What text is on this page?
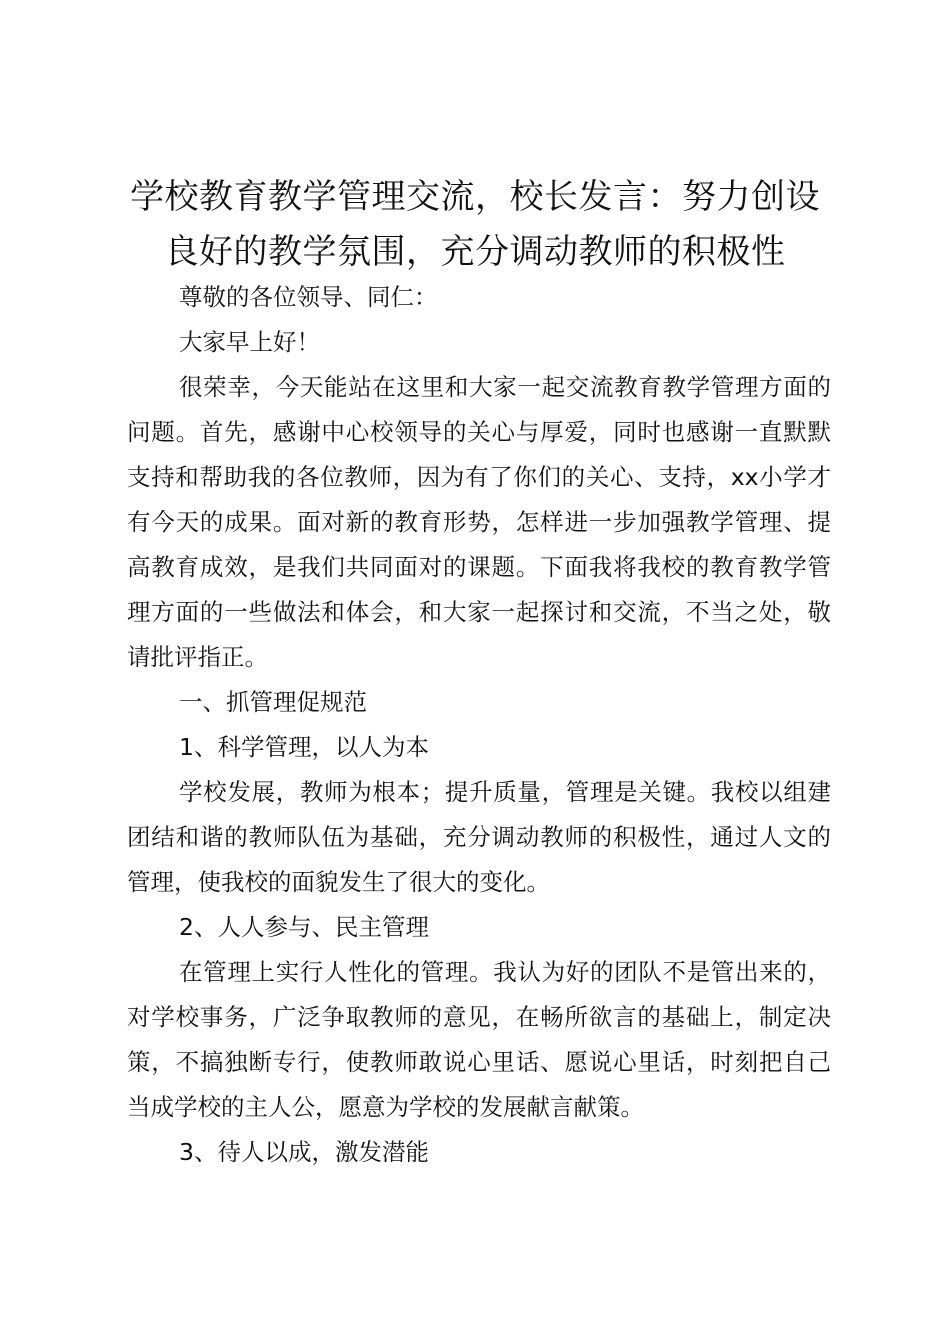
学校教育教学管理交流，校长发言：努力创设良好的教学氛围，充分调动教师的积极性

尊敬的各位领导、同仁：

大家早上好！

很荣幸，今天能站在这里和大家一起交流教育教学管理方面的问题。首先，感谢中心校领导的关心与厚爱，同时也感谢一直默默支持和帮助我的各位教师，因为有了你们的关心、支持，xx小学才有今天的成果。面对新的教育形势，怎样进一步加强教学管理、提高教育成效，是我们共同面对的课题。下面我将我校的教育教学管理方面的一些做法和体会，和大家一起探讨和交流，不当之处，敬请批评指正。

一、抓管理促规范

1、科学管理，以人为本

学校发展，教师为根本；提升质量，管理是关键。我校以组建团结和谐的教师队伍为基础，充分调动教师的积极性，通过人文的管理，使我校的面貌发生了很大的变化。

2、人人参与、民主管理

在管理上实行人性化的管理。我认为好的团队不是管出来的，对学校事务，广泛争取教师的意见，在畅所欲言的基础上，制定决策，不搞独断专行，使教师敢说心里话、愿说心里话，时刻把自己当成学校的主人公，愿意为学校的发展献言献策。

3、待人以成，激发潜能
